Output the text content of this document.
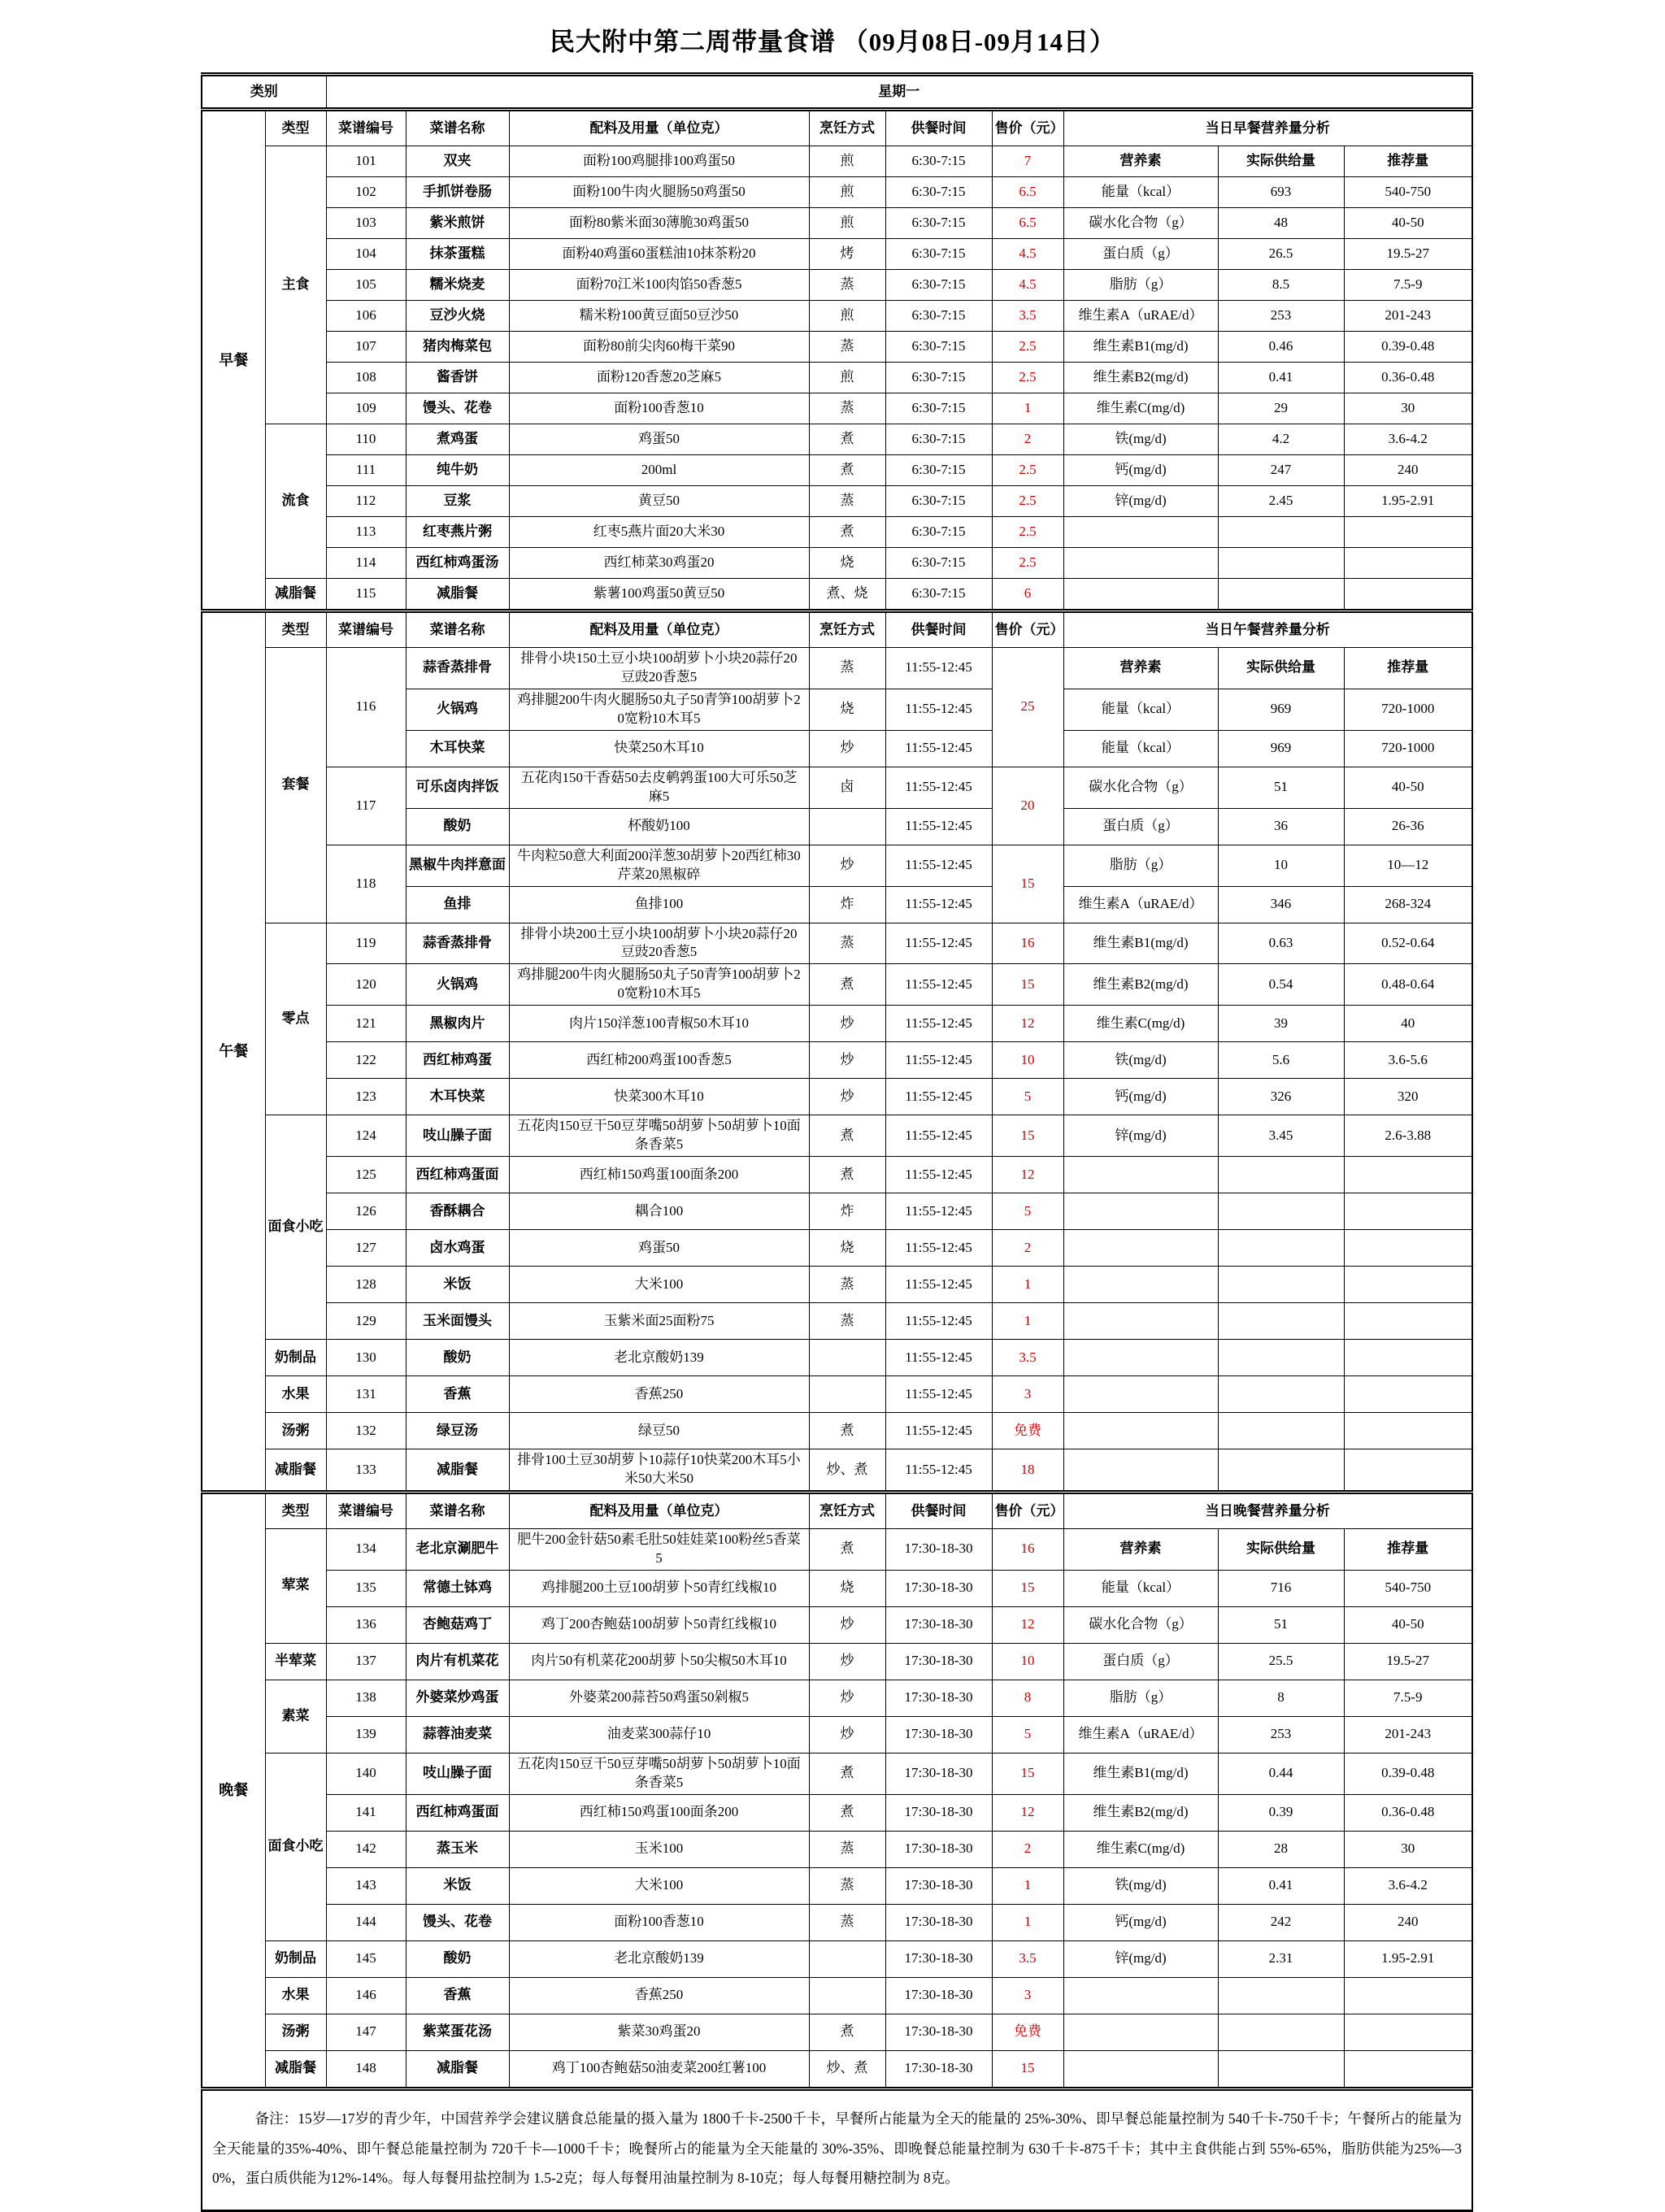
民大附中第二周带量食谱 （09月08日-09月14日）
类别		星期一								
早餐	类型	菜谱编号	菜谱名称	配料及用量（单位克）	烹饪方式	供餐时间	售价（元）	当日早餐营养量分析		
	主食	101	双夹	面粉100鸡腿排100鸡蛋50	煎	6:30-7:15	7	营养素	实际供给量	推荐量
		102	手抓饼卷肠	面粉100牛肉火腿肠50鸡蛋50	煎	6:30-7:15	6.5	能量（kcal）	693	540-750
		103	紫米煎饼	面粉80紫米面30薄脆30鸡蛋50	煎	6:30-7:15	6.5	碳水化合物（g）	48	40-50
		104	抹茶蛋糕	面粉40鸡蛋60蛋糕油10抹茶粉20	烤	6:30-7:15	4.5	蛋白质（g）	26.5	19.5-27
		105	糯米烧麦	面粉70江米100肉馅50香葱5	蒸	6:30-7:15	4.5	脂肪（g）	8.5	7.5-9
		106	豆沙火烧	糯米粉100黄豆面50豆沙50	煎	6:30-7:15	3.5	维生素A（uRAE/d）	253	201-243
		107	猪肉梅菜包	面粉80前尖肉60梅干菜90	蒸	6:30-7:15	2.5	维生素B1(mg/d)	0.46	0.39-0.48
		108	酱香饼	面粉120香葱20芝麻5	煎	6:30-7:15	2.5	维生素B2(mg/d)	0.41	0.36-0.48
		109	馒头、花卷	面粉100香葱10	蒸	6:30-7:15	1	维生素C(mg/d)	29	30
	流食	110	煮鸡蛋	鸡蛋50	煮	6:30-7:15	2	铁(mg/d)	4.2	3.6-4.2
		111	纯牛奶	200ml	煮	6:30-7:15	2.5	钙(mg/d)	247	240
		112	豆浆	黄豆50	蒸	6:30-7:15	2.5	锌(mg/d)	2.45	1.95-2.91
		113	红枣燕片粥	红枣5燕片面20大米30	煮	6:30-7:15	2.5			
		114	西红柿鸡蛋汤	西红柿菜30鸡蛋20	烧	6:30-7:15	2.5			
	减脂餐	115	减脂餐	紫薯100鸡蛋50黄豆50	煮、烧	6:30-7:15	6			
午餐	类型	菜谱编号	菜谱名称	配料及用量（单位克）	烹饪方式	供餐时间	售价（元）	当日午餐营养量分析		
	套餐	116	蒜香蒸排骨	排骨小块150土豆小块100胡萝卜小块20蒜仔20豆豉20香葱5	蒸	11:55-12:45	25	营养素	实际供给量	推荐量
			火锅鸡	鸡排腿200牛肉火腿肠50丸子50青笋100胡萝卜20宽粉10木耳5	烧	11:55-12:45		能量（kcal）	969	720-1000
			木耳快菜	快菜250木耳10	炒	11:55-12:45		能量（kcal）	969	720-1000
		117	可乐卤肉拌饭	五花肉150干香菇50去皮鹌鹑蛋100大可乐50芝麻5	卤	11:55-12:45	20	碳水化合物（g）	51	40-50
			酸奶	杯酸奶100		11:55-12:45		蛋白质（g）	36	26-36
		118	黑椒牛肉拌意面	牛肉粒50意大利面200洋葱30胡萝卜20西红柿30芹菜20黑椒碎	炒	11:55-12:45	15	脂肪（g）	10	10—12
			鱼排	鱼排100	炸	11:55-12:45		维生素A（uRAE/d）	346	268-324
	零点	119	蒜香蒸排骨	排骨小块200土豆小块100胡萝卜小块20蒜仔20豆豉20香葱5	蒸	11:55-12:45	16	维生素B1(mg/d)	0.63	0.52-0.64
		120	火锅鸡	鸡排腿200牛肉火腿肠50丸子50青笋100胡萝卜20宽粉10木耳5	煮	11:55-12:45	15	维生素B2(mg/d)	0.54	0.48-0.64
		121	黑椒肉片	肉片150洋葱100青椒50木耳10	炒	11:55-12:45	12	维生素C(mg/d)	39	40
		122	西红柿鸡蛋	西红柿200鸡蛋100香葱5	炒	11:55-12:45	10	铁(mg/d)	5.6	3.6-5.6
		123	木耳快菜	快菜300木耳10	炒	11:55-12:45	5	钙(mg/d)	326	320
	面食小吃	124	吱山臊子面	五花肉150豆干50豆芽嘴50胡萝卜50胡萝卜10面条香菜5	煮	11:55-12:45	15	锌(mg/d)	3.45	2.6-3.88
		125	西红柿鸡蛋面	西红柿150鸡蛋100面条200	煮	11:55-12:45	12			
		126	香酥耦合	耦合100	炸	11:55-12:45	5			
		127	卤水鸡蛋	鸡蛋50	烧	11:55-12:45	2			
		128	米饭	大米100	蒸	11:55-12:45	1			
		129	玉米面馒头	玉紫米面25面粉75	蒸	11:55-12:45	1			
	奶制品	130	酸奶	老北京酸奶139		11:55-12:45	3.5			
	水果	131	香蕉	香蕉250		11:55-12:45	3			
	汤粥	132	绿豆汤	绿豆50	煮	11:55-12:45	免费			
	减脂餐	133	减脂餐	排骨100土豆30胡萝卜10蒜仔10快菜200木耳5小米50大米50	炒、煮	11:55-12:45	18			
晚餐	类型	菜谱编号	菜谱名称	配料及用量（单位克）	烹饪方式	供餐时间	售价（元）	当日晚餐营养量分析		
	荤菜	134	老北京涮肥牛	肥牛200金针菇50素毛肚50娃娃菜100粉丝5香菜5	煮	17:30-18-30	16	营养素	实际供给量	推荐量
		135	常德土钵鸡	鸡排腿200土豆100胡萝卜50青红线椒10	烧	17:30-18-30	15	能量（kcal）	716	540-750
		136	杏鲍菇鸡丁	鸡丁200杏鲍菇100胡萝卜50青红线椒10	炒	17:30-18-30	12	碳水化合物（g）	51	40-50
	半荤菜	137	肉片有机菜花	肉片50有机菜花200胡萝卜50尖椒50木耳10	炒	17:30-18-30	10	蛋白质（g）	25.5	19.5-27
	素菜	138	外婆菜炒鸡蛋	外婆菜200蒜苔50鸡蛋50剁椒5	炒	17:30-18-30	8	脂肪（g）	8	7.5-9
		139	蒜蓉油麦菜	油麦菜300蒜仔10	炒	17:30-18-30	5	维生素A（uRAE/d）	253	201-243
	面食小吃	140	吱山臊子面	五花肉150豆干50豆芽嘴50胡萝卜50胡萝卜10面条香菜5	煮	17:30-18-30	15	维生素B1(mg/d)	0.44	0.39-0.48
		141	西红柿鸡蛋面	西红柿150鸡蛋100面条200	煮	17:30-18-30	12	维生素B2(mg/d)	0.39	0.36-0.48
		142	蒸玉米	玉米100	蒸	17:30-18-30	2	维生素C(mg/d)	28	30
		143	米饭	大米100	蒸	17:30-18-30	1	铁(mg/d)	0.41	3.6-4.2
		144	馒头、花卷	面粉100香葱10	蒸	17:30-18-30	1	钙(mg/d)	242	240
	奶制品	145	酸奶	老北京酸奶139		17:30-18-30	3.5	锌(mg/d)	2.31	1.95-2.91
	水果	146	香蕉	香蕉250		17:30-18-30	3			
	汤粥	147	紫菜蛋花汤	紫菜30鸡蛋20	煮	17:30-18-30	免费			
	减脂餐	148	减脂餐	鸡丁100杏鲍菇50油麦菜200红薯100	炒、煮	17:30-18-30	15			
备注：15岁—17岁的青少年，中国营养学会建议膳食总能量的摄入量为 1800千卡-2500千卡，早餐所占能量为全天的能量的 25%-30%、即早餐总能量控制为 540千卡-750千卡；午餐所占的能量为全天能量的35%-40%、即午餐总能量控制为 720千卡—1000千卡；晚餐所占的能量为全天能量的 30%-35%、即晚餐总能量控制为 630千卡-875千卡；其中主食供能占到 55%-65%，脂肪供能为25%—30%，蛋白质供能为12%-14%。每人每餐用盐控制为 1.5-2克；每人每餐用油量控制为 8-10克；每人每餐用糖控制为 8克。										
